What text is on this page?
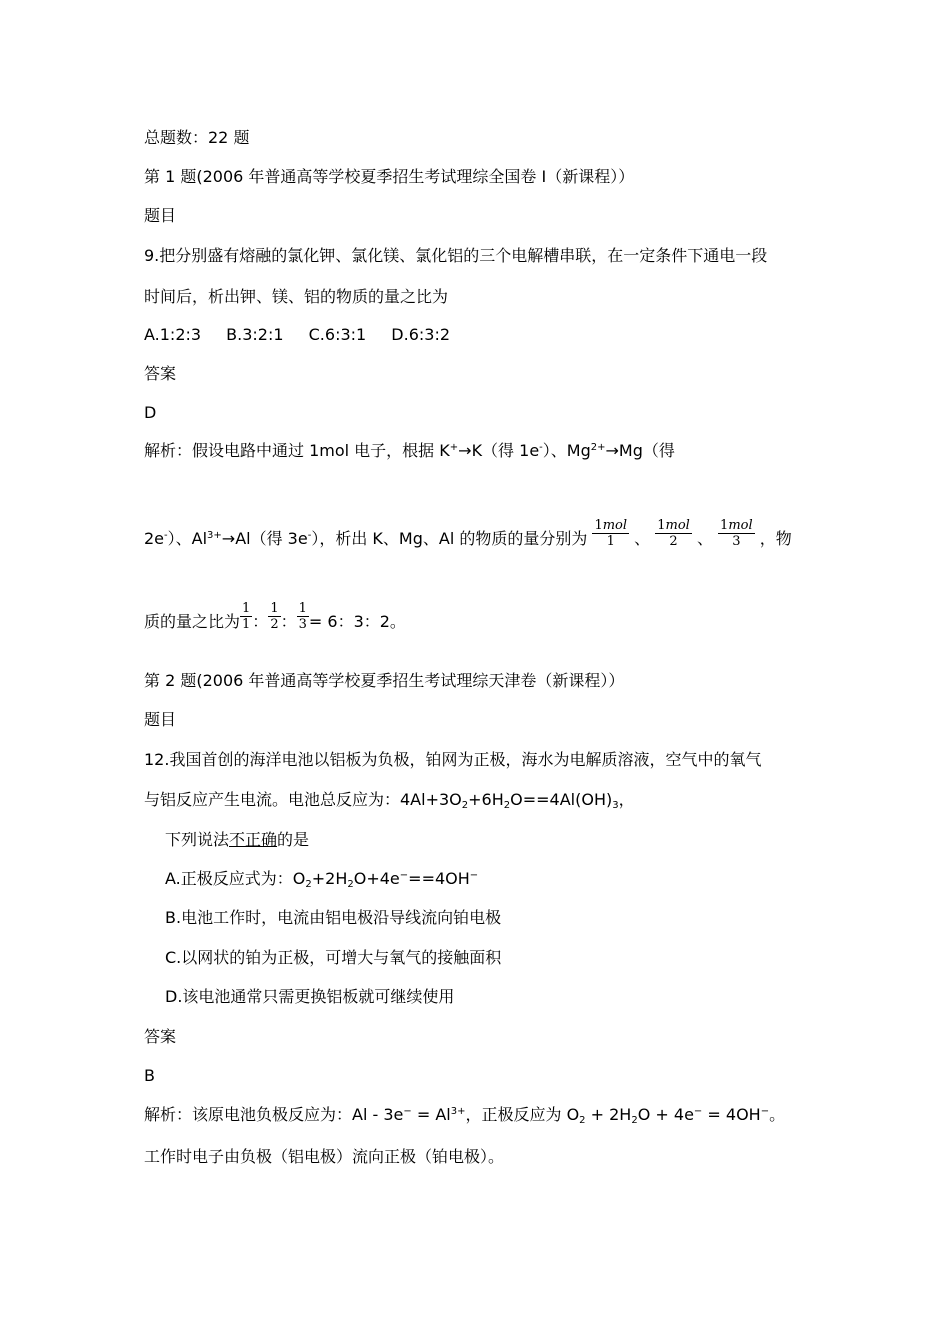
总题数：22 题
第 1 题(2006 年普通高等学校夏季招生考试理综全国卷 I（新课程））
题目
9.把分别盛有熔融的氯化钾、氯化镁、氯化铝的三个电解槽串联，在一定条件下通电一段
时间后，析出钾、镁、铝的物质的量之比为
A.1:2:3　 B.3:2:1　 C.6:3:1　 D.6:3:2
答案
D
解析：假设电路中通过 1mol 电子，根据 K+→K（得 1e-）、$Mg^{2+}\to Mg$（得
2e-）、$Al^{3+}\to Al$（得 3e-），析出 K、Mg、Al 的物质的量分别为 $\frac{\text{1mol}}{1}$ 、 $\frac{\text{1mol}}{2}$ 、 $\frac{\text{1mol}}{3}$ ，物
质的量之比为 $\frac{1}{1}$ ： $\frac{1}{2}$ ： $\frac{1}{3} = 6$：3：2。
第 2 题(2006 年普通高等学校夏季招生考试理综天津卷（新课程））
题目
12.我国首创的海洋电池以铝板为负极，铂网为正极，海水为电解质溶液，空气中的氧气
与铝反应产生电流。电池总反应为：$4Al+3O_2+6H_2O==4Al(OH)_3$，
下列说法不正确的是
A.正极反应式为：$O_2+2H_2O+4e^-==4OH^-$
B.电池工作时，电流由铝电极沿导线流向铂电极
C.以网状的铂为正极，可增大与氧气的接触面积
D.该电池通常只需更换铝板就可继续使用
答案
B
解析：该原电池负极反应为：$Al - 3e^- = Al^{3+}$，正极反应为 $O_2 + 2H_2O + 4e^- = 4OH^-$。
工作时电子由负极（铝电极）流向正极（铂电极）。
